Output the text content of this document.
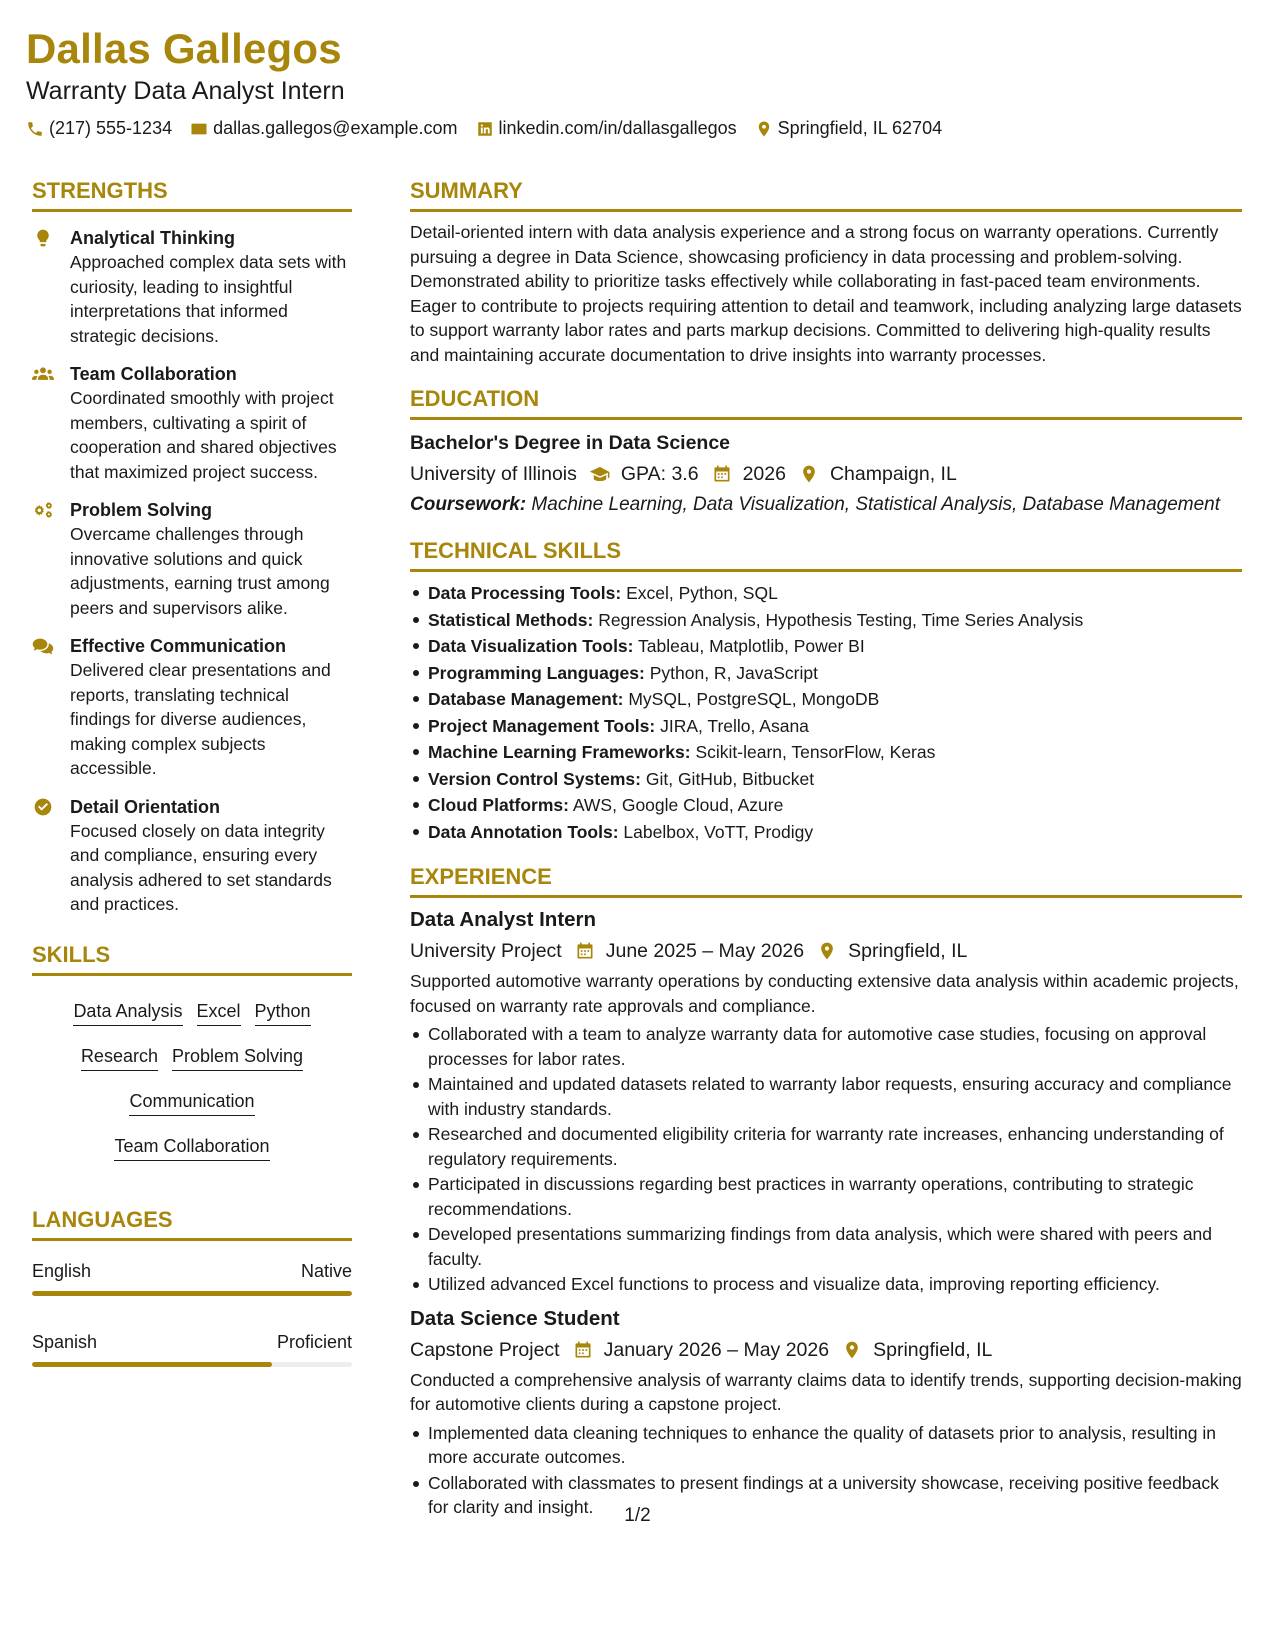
Dallas Gallegos
Warranty Data Analyst Intern
(217) 555-1234 dallas.gallegos@example.com linkedin.com/in/dallasgallegos Springfield, IL 62704
STRENGTHS
Analytical Thinking
Approached complex data sets with curiosity, leading to insightful interpretations that informed strategic decisions.
Team Collaboration
Coordinated smoothly with project members, cultivating a spirit of cooperation and shared objectives that maximized project success.
Problem Solving
Overcame challenges through innovative solutions and quick adjustments, earning trust among peers and supervisors alike.
Effective Communication
Delivered clear presentations and reports, translating technical findings for diverse audiences, making complex subjects accessible.
Detail Orientation
Focused closely on data integrity and compliance, ensuring every analysis adhered to set standards and practices.
SKILLS
Data Analysis Excel Python
Research Problem Solving
Communication
Team Collaboration
LANGUAGES
English	Native
Spanish	Proficient
SUMMARY
Detail-oriented intern with data analysis experience and a strong focus on warranty operations. Currently pursuing a degree in Data Science, showcasing proficiency in data processing and problem-solving. Demonstrated ability to prioritize tasks effectively while collaborating in fast-paced team environments. Eager to contribute to projects requiring attention to detail and teamwork, including analyzing large datasets to support warranty labor rates and parts markup decisions. Committed to delivering high-quality results and maintaining accurate documentation to drive insights into warranty processes.
EDUCATION
Bachelor's Degree in Data Science
University of Illinois GPA: 3.6 2026 Champaign, IL
Coursework: Machine Learning, Data Visualization, Statistical Analysis, Database Management
TECHNICAL SKILLS
Data Processing Tools: Excel, Python, SQL
Statistical Methods: Regression Analysis, Hypothesis Testing, Time Series Analysis
Data Visualization Tools: Tableau, Matplotlib, Power BI
Programming Languages: Python, R, JavaScript
Database Management: MySQL, PostgreSQL, MongoDB
Project Management Tools: JIRA, Trello, Asana
Machine Learning Frameworks: Scikit-learn, TensorFlow, Keras
Version Control Systems: Git, GitHub, Bitbucket
Cloud Platforms: AWS, Google Cloud, Azure
Data Annotation Tools: Labelbox, VoTT, Prodigy
EXPERIENCE
Data Analyst Intern
University Project June 2025 – May 2026 Springfield, IL
Supported automotive warranty operations by conducting extensive data analysis within academic projects, focused on warranty rate approvals and compliance.
Collaborated with a team to analyze warranty data for automotive case studies, focusing on approval processes for labor rates.
Maintained and updated datasets related to warranty labor requests, ensuring accuracy and compliance with industry standards.
Researched and documented eligibility criteria for warranty rate increases, enhancing understanding of regulatory requirements.
Participated in discussions regarding best practices in warranty operations, contributing to strategic recommendations.
Developed presentations summarizing findings from data analysis, which were shared with peers and faculty.
Utilized advanced Excel functions to process and visualize data, improving reporting efficiency.
Data Science Student
Capstone Project January 2026 – May 2026 Springfield, IL
Conducted a comprehensive analysis of warranty claims data to identify trends, supporting decision-making for automotive clients during a capstone project.
Implemented data cleaning techniques to enhance the quality of datasets prior to analysis, resulting in more accurate outcomes.
Collaborated with classmates to present findings at a university showcase, receiving positive feedback for clarity and insight.	1/2
